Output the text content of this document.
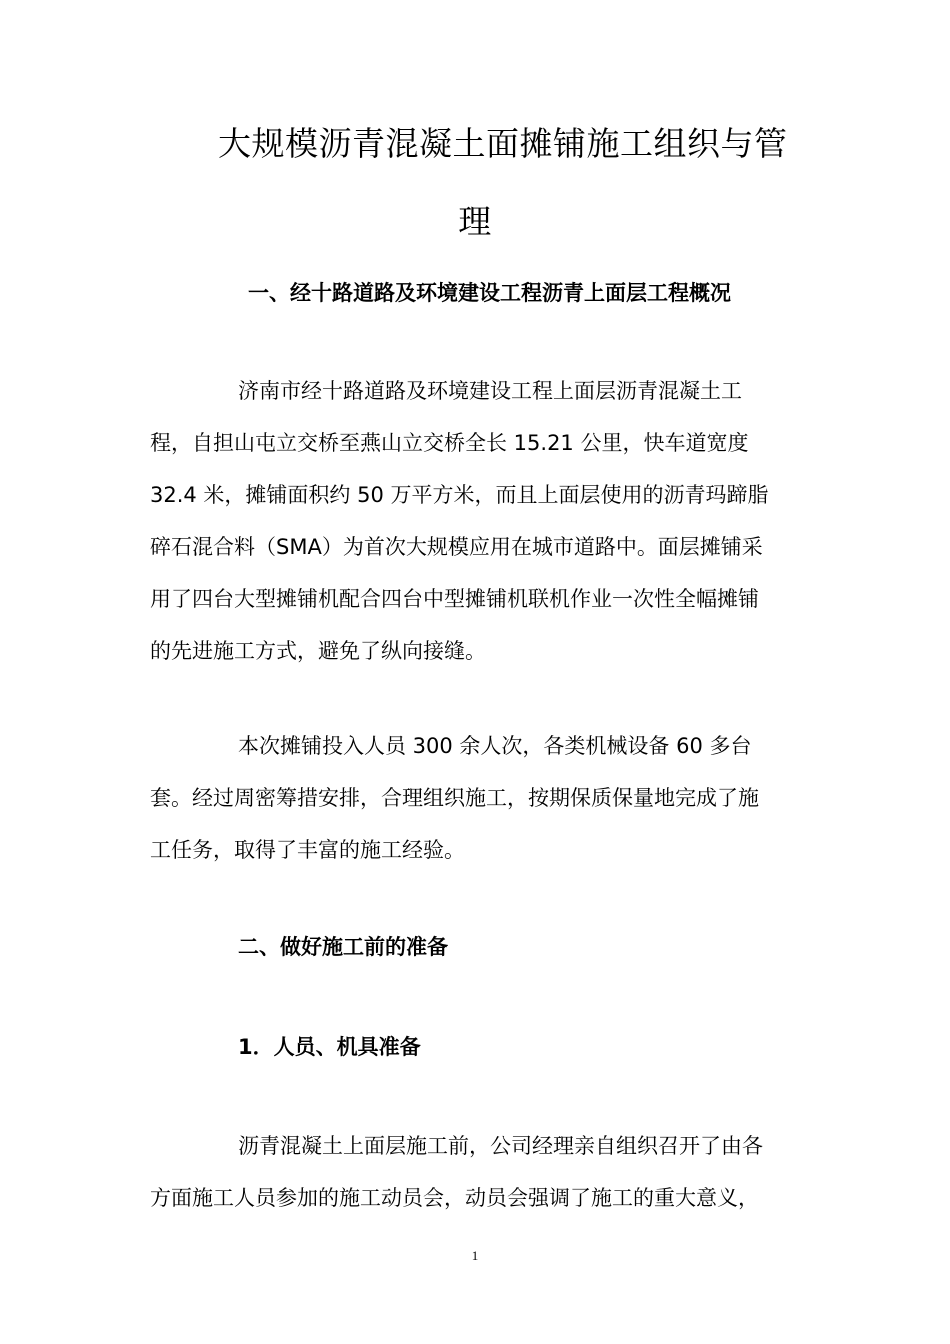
大规模沥青混凝土面摊铺施工组织与管
理
一、经十路道路及环境建设工程沥青上面层工程概况
济南市经十路道路及环境建设工程上面层沥青混凝土工
程，自担山屯立交桥至燕山立交桥全长 15.21 公里，快车道宽度
32.4 米，摊铺面积约 50 万平方米，而且上面层使用的沥青玛蹄脂
碎石混合料（SMA）为首次大规模应用在城市道路中。面层摊铺采
用了四台大型摊铺机配合四台中型摊铺机联机作业一次性全幅摊铺
的先进施工方式，避免了纵向接缝。
本次摊铺投入人员 300 余人次，各类机械设备 60 多台
套。经过周密筹措安排，合理组织施工，按期保质保量地完成了施
工任务，取得了丰富的施工经验。
二、做好施工前的准备
1．人员、机具准备
沥青混凝土上面层施工前，公司经理亲自组织召开了由各
方面施工人员参加的施工动员会，动员会强调了施工的重大意义，
1
